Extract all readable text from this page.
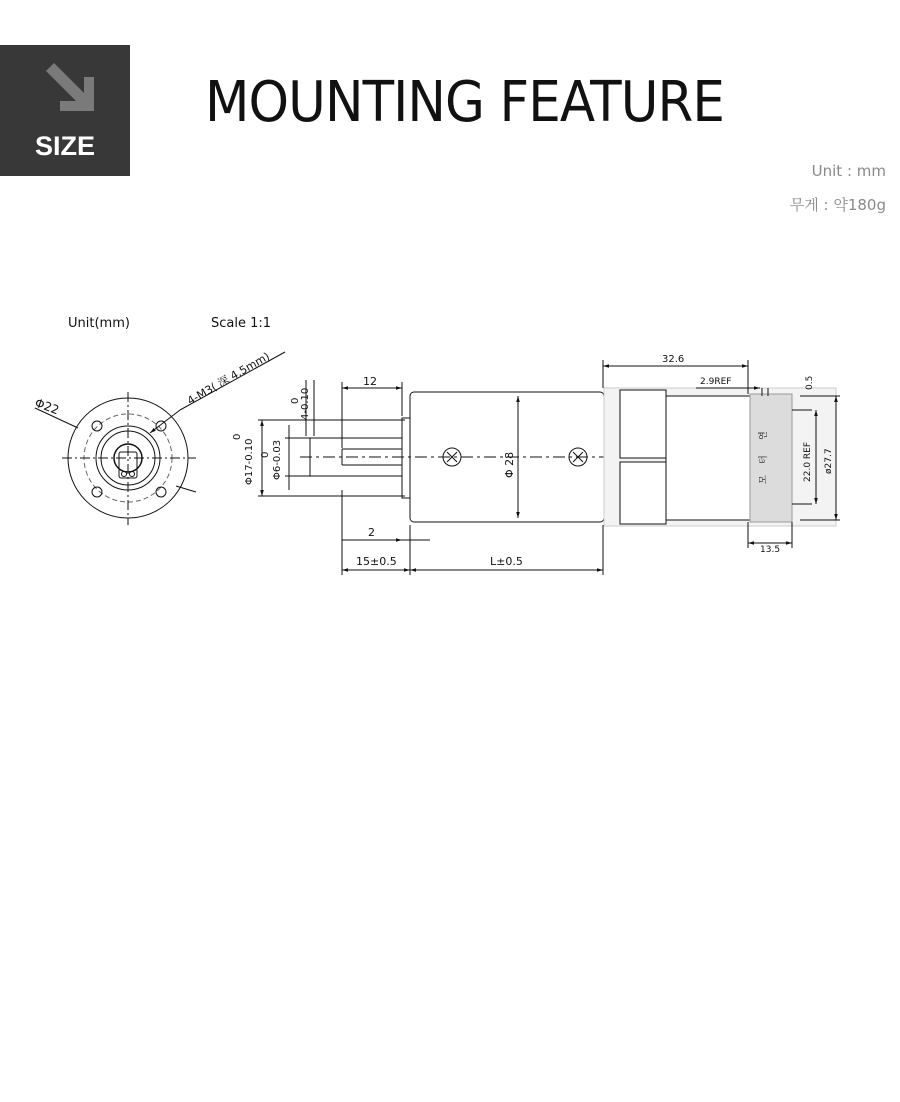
SIZE
MOUNTING FEATURE
Unit : mm
무게 : 약180g
Unit(mm)	Scale 1:1
Φ22	4-M3( 深 4.5mm)	12
Φ 28
0 4-0.10
0
Φ17-0.10 0 Φ6-0.03
2
15±0.5	L±0.5
32.6
2.9REF	0.5
22.0 REF ø27.7
13.5
모
터
연
